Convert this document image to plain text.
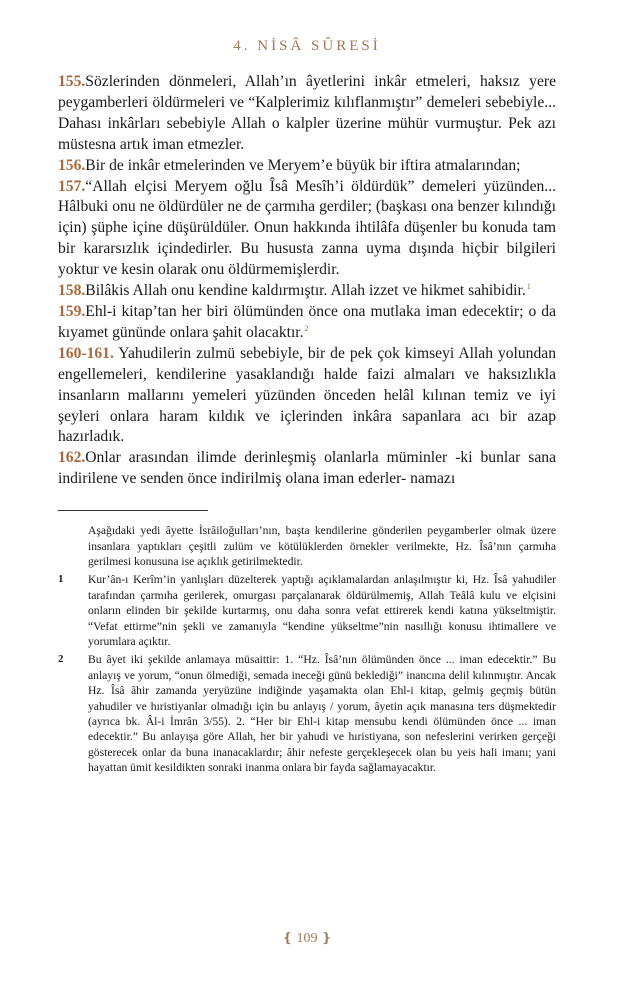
4. NİSÂ SÛRESİ

155.Sözlerinden dönmeleri, Allah’ın âyetlerini inkâr etmeleri, haksız yere peygamberleri öldürmeleri ve “Kalplerimiz kılıflanmıştır” demeleri sebebiyle... Dahası inkârları sebebiyle Allah o kalpler üzerine mühür vurmuştur. Pek azı müstesna artık iman etmezler.

156.Bir de inkâr etmelerinden ve Meryem’e büyük bir iftira atmalarından;

157.“Allah elçisi Meryem oğlu Îsâ Mesîh’i öldürdük” demeleri yüzünden... Hâlbuki onu ne öldürdüler ne de çarmıha gerdiler; (başkası ona benzer kılındığı için) şüphe içine düşürüldüler. Onun hakkında ihtilâfa düşenler bu konuda tam bir kararsızlık içindedirler. Bu hususta zanna uyma dışında hiçbir bilgileri yoktur ve kesin olarak onu öldürmemişlerdir.

158.Bilâkis Allah onu kendine kaldırmıştır. Allah izzet ve hikmet sahibidir.$^1$

159.Ehl-i kitap’tan her biri ölümünden önce ona mutlaka iman edecektir; o da kıyamet gününde onlara şahit olacaktır.$^2$

160-161. Yahudilerin zulmü sebebiyle, bir de pek çok kimseyi Allah yolundan engellemeleri, kendilerine yasaklandığı halde faizi almaları ve haksızlıkla insanların mallarını yemeleri yüzünden önceden helâl kılınan temiz ve iyi şeyleri onlara haram kıldık ve içlerinden inkâra sapanlara acı bir azap hazırladık.

162.Onlar arasından ilimde derinleşmiş olanlarla müminler -ki bunlar sana indirilene ve senden önce indirilmiş olana iman ederler- namazı

Aşağıdaki yedi âyette İsrâiloğulları’nın, başta kendilerine gönderilen peygamberler olmak üzere insanlara yaptıkları çeşitli zulüm ve kötülüklerden örnekler verilmekte, Hz. Îsâ’nın çarmıha gerilmesi konusuna ise açıklık getirilmektedir.
1	Kur’ân-ı Kerîm’in yanlışları düzelterek yaptığı açıklamalardan anlaşılmıştır ki, Hz. Îsâ yahudiler tarafından çarmıha gerilerek, omurgası parçalanarak öldürülmemiş, Allah Teâlâ kulu ve elçisini onların elinden bir şekilde kurtarmış, onu daha sonra vefat ettirerek kendi katına yükseltmiştir. “Vefat ettirme”nin şekli ve zamanıyla “kendine yükseltme”nin nasıllığı konusu ihtimallere ve yorumlara açıktır.
2	Bu âyet iki şekilde anlamaya müsaittir: 1. “Hz. Îsâ’nın ölümünden önce ... iman edecektir.” Bu anlayış ve yorum, “onun ölmediği, semada ineceği günü beklediği” inancına delil kılınmıştır. Ancak Hz. Îsâ âhir zamanda yeryüzüne indiğinde yaşamakta olan Ehl-i kitap, gelmiş geçmiş bütün yahudiler ve hıristiyanlar olmadığı için bu anlayış / yorum, âyetin açık manasına ters düşmektedir (ayrıca bk. Âl-i İmrân 3/55). 2. “Her bir Ehl-i kitap mensubu kendi ölümünden önce ... iman edecektir.” Bu anlayışa göre Allah, her bir yahudi ve hıristiyana, son nefeslerini verirken gerçeği gösterecek onlar da buna inanacaklardır; âhir nefeste gerçekleşecek olan bu yeis hali imanı; yani hayattan ümit kesildikten sonraki inanma onlara bir fayda sağlamayacaktır.
❴ 109 ❵
